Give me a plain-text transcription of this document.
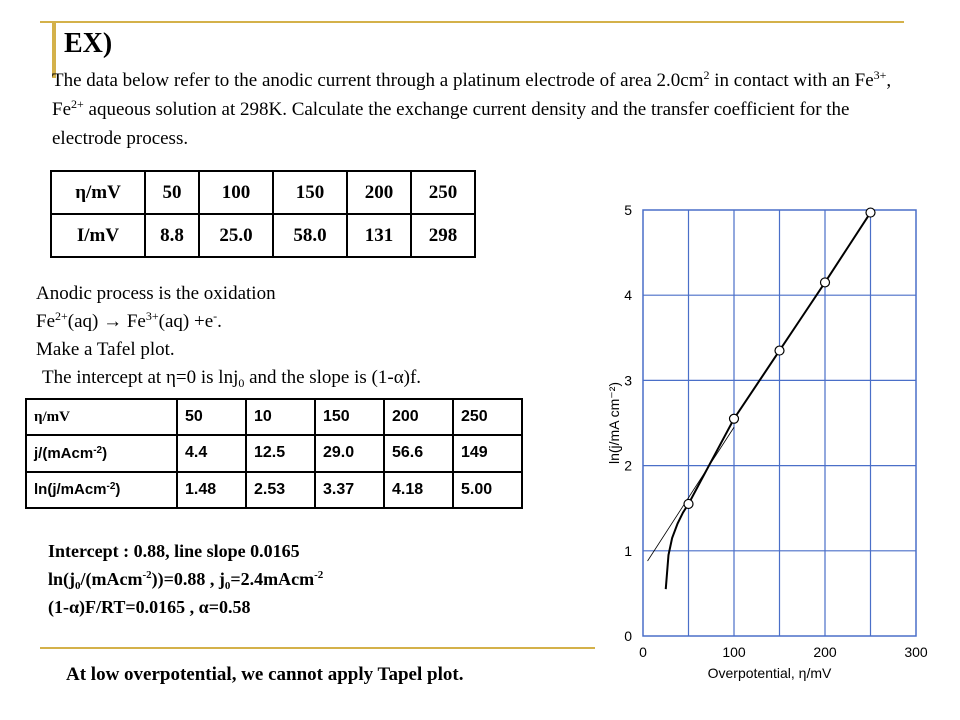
EX)
The data below refer to the anodic current through a platinum electrode of area $2.0cm^2$ in contact with an $Fe^{3+}$, $Fe^{2+}$ aqueous solution at 298K. Calculate the exchange current density and the transfer coefficient for the electrode process.
η/mV	50	100	150	200	250
I/mV	8.8	25.0	58.0	131	298
Anodic process is the oxidation
$Fe^{2+}(aq) \to Fe^{3+}(aq) +e^-$.
Make a Tafel plot.
The intercept at η=0 is lnj$_0$ and the slope is (1-α)f.
η/mV	50	10	150	200	250
j/(mAcm$^{-2}$)	4.4	12.5	29.0	56.6	149
ln(j/mAcm$^{-2}$)	1.48	2.53	3.37	4.18	5.00
Intercept : 0.88, line slope 0.0165
$\ln(j_0/(mAcm^{-2}))=0.88$ , $j_0=2.4mAcm^{-2}$
(1-α)F/RT=0.0165 , α=0.58
At low overpotential, we cannot apply Tapel plot.
0	100	200	300
0
1
2
3
4
5
Overpotential, η/mV
ln(j/mA cm⁻²)
